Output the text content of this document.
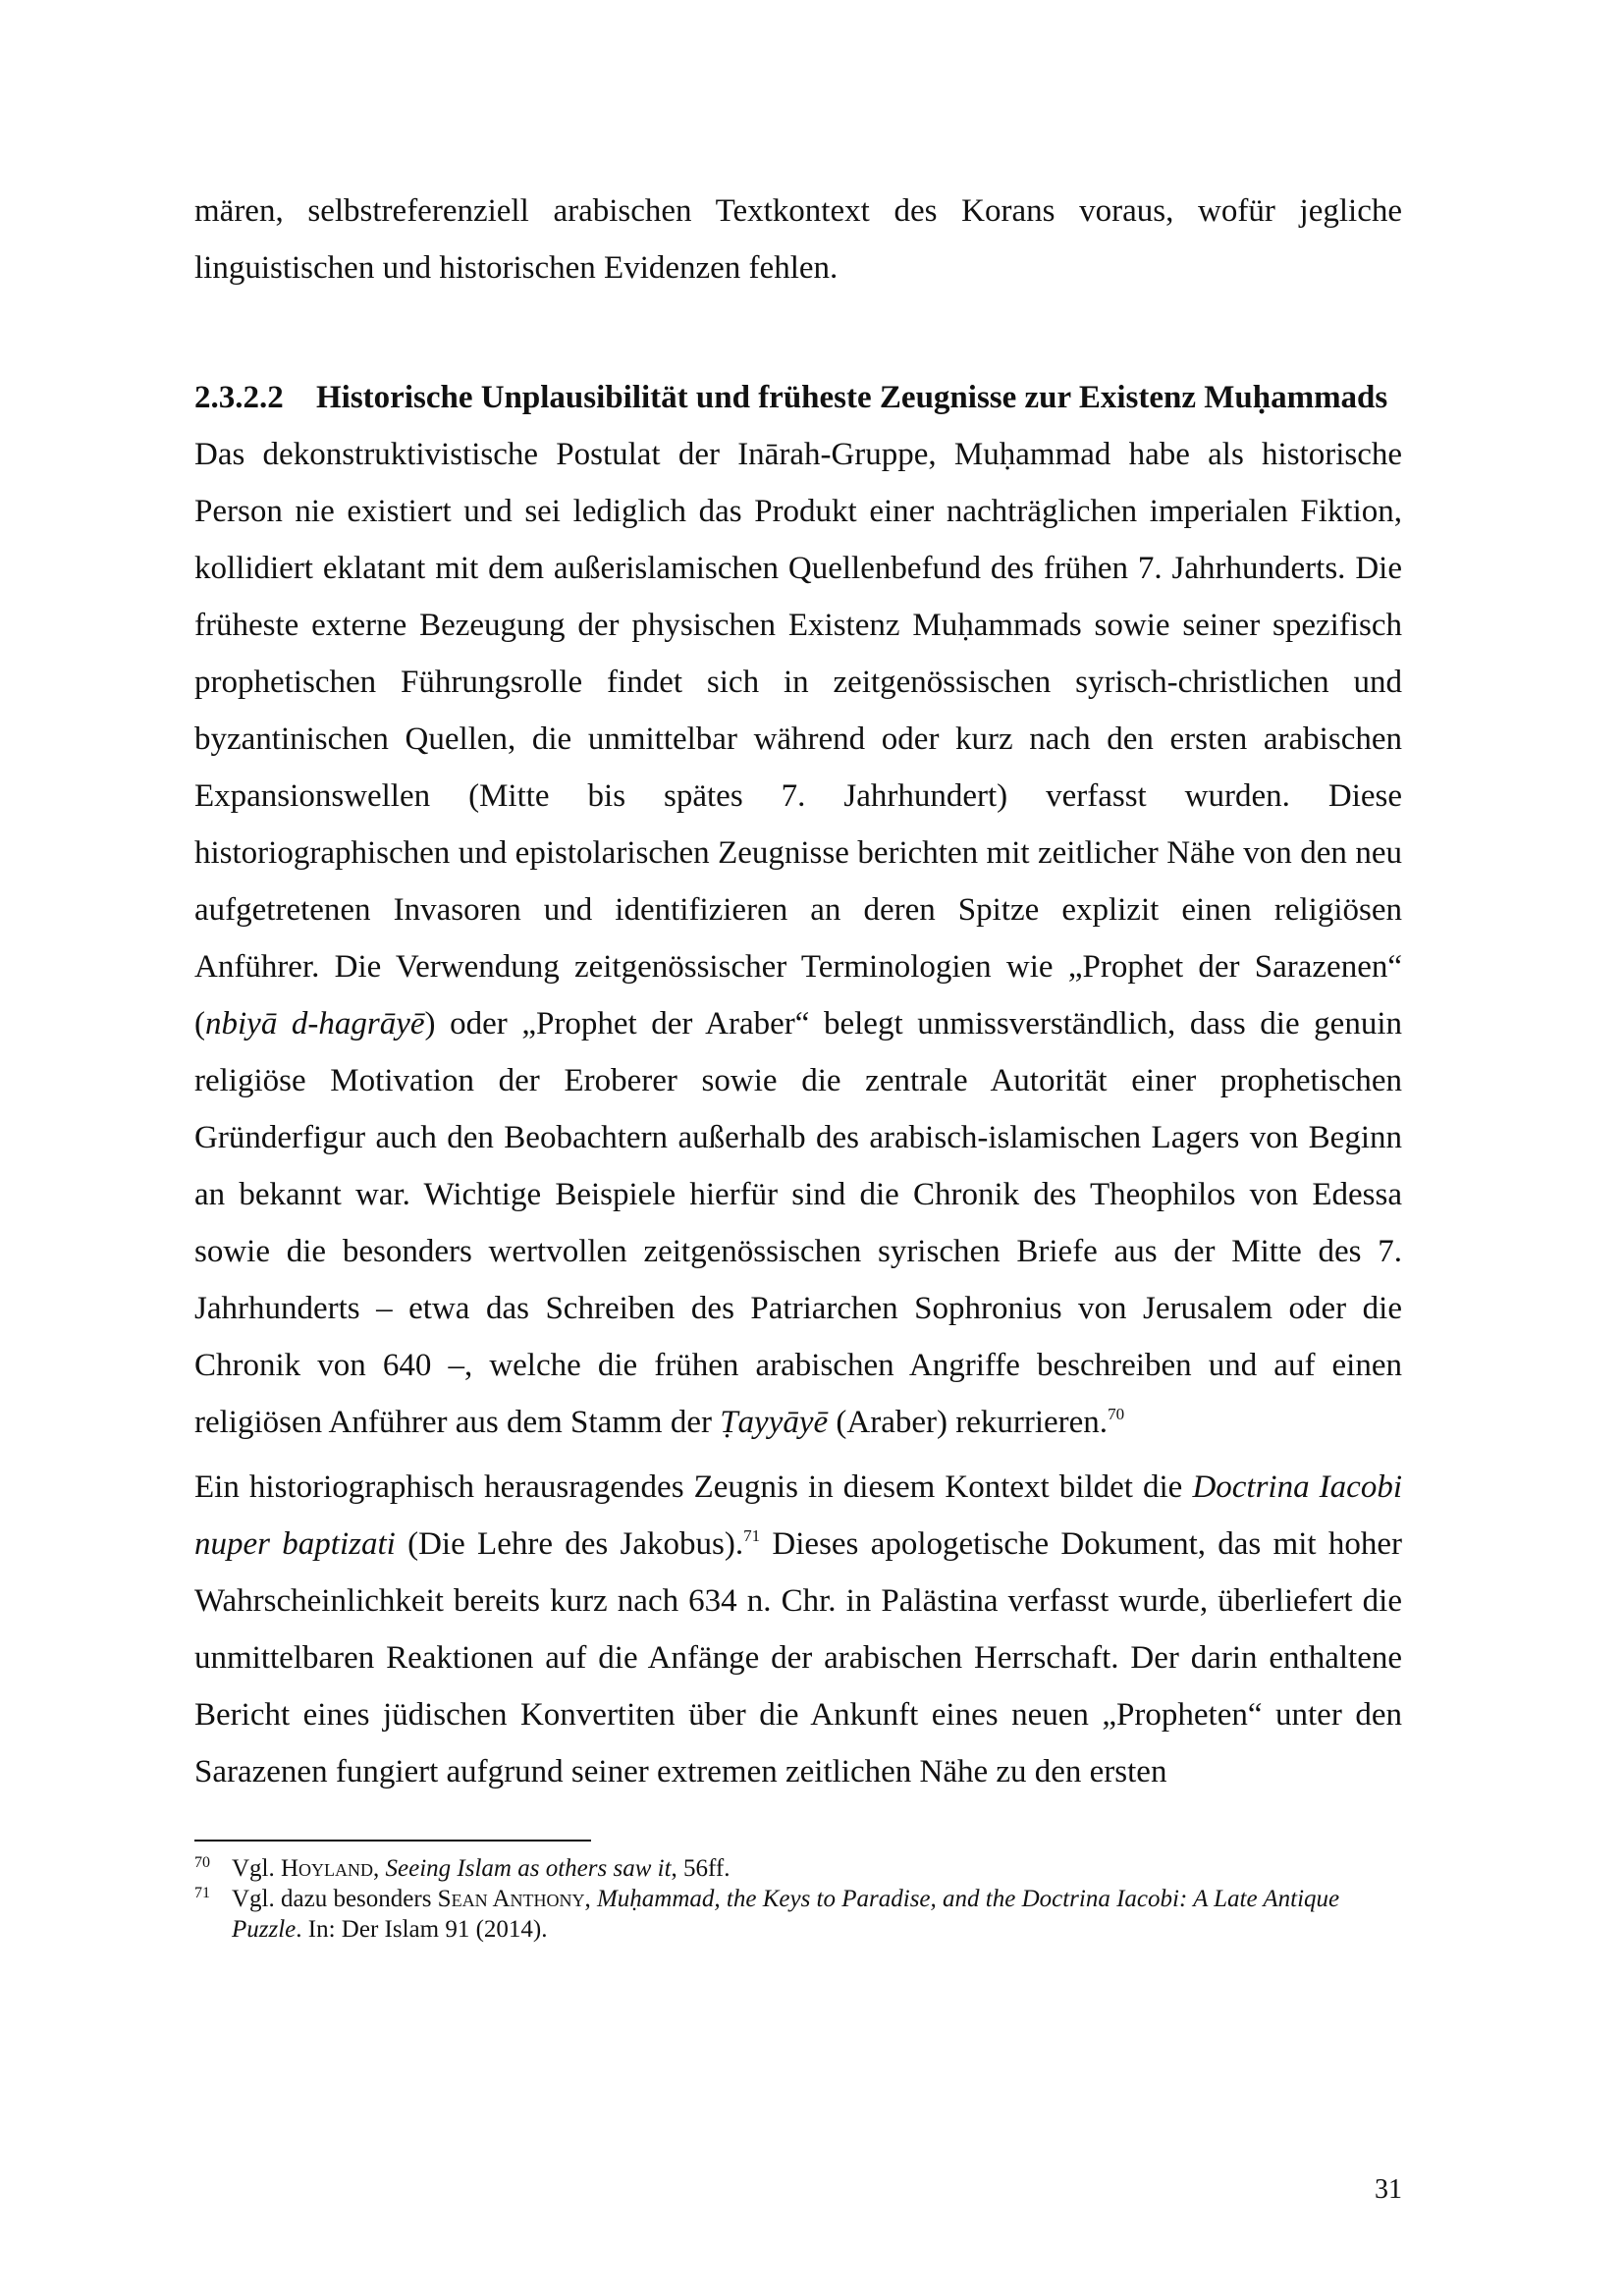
mären, selbstreferenziell arabischen Textkontext des Korans voraus, wofür jegliche linguistischen und historischen Evidenzen fehlen.

2.3.2.2	Historische Unplausibilität und früheste Zeugnisse zur Existenz Muḥammads

Das dekonstruktivistische Postulat der Inārah-Gruppe, Muḥammad habe als historische Person nie existiert und sei lediglich das Produkt einer nachträglichen imperialen Fiktion, kollidiert eklatant mit dem außerislamischen Quellenbefund des frühen 7. Jahrhunderts. Die früheste externe Bezeugung der physischen Existenz Muḥammads sowie seiner spezifisch prophetischen Führungsrolle findet sich in zeitgenössischen syrisch-christlichen und byzantinischen Quellen, die unmittelbar während oder kurz nach den ersten arabischen Expansionswellen (Mitte bis spätes 7. Jahrhundert) verfasst wurden. Diese historiographischen und epistolarischen Zeugnisse berichten mit zeitlicher Nähe von den neu aufgetretenen Invasoren und identifizieren an deren Spitze explizit einen religiösen Anführer. Die Verwendung zeitgenössischer Terminologien wie „Prophet der Sarazenen“ (nbiyā d-hagrāyē) oder „Prophet der Araber“ belegt unmissverständlich, dass die genuin religiöse Motivation der Eroberer sowie die zentrale Autorität einer prophetischen Gründerfigur auch den Beobachtern außerhalb des arabisch-islamischen Lagers von Beginn an bekannt war. Wichtige Beispiele hierfür sind die Chronik des Theophilos von Edessa sowie die besonders wertvollen zeitgenössischen syrischen Briefe aus der Mitte des 7. Jahrhunderts – etwa das Schreiben des Patriarchen Sophronius von Jerusalem oder die Chronik von 640 –, welche die frühen arabischen Angriffe beschreiben und auf einen religiösen Anführer aus dem Stamm der Ṭayyāyē (Araber) rekurrieren.$^{70}$

Ein historiographisch herausragendes Zeugnis in diesem Kontext bildet die Doctrina Iacobi nuper baptizati (Die Lehre des Jakobus).$^{71}$ Dieses apologetische Dokument, das mit hoher Wahrscheinlichkeit bereits kurz nach 634 n. Chr. in Palästina verfasst wurde, überliefert die unmittelbaren Reaktionen auf die Anfänge der arabischen Herrschaft. Der darin enthaltene Bericht eines jüdischen Konvertiten über die Ankunft eines neuen „Propheten“ unter den Sarazenen fungiert aufgrund seiner extremen zeitlichen Nähe zu den ersten

70 Vgl. Hoyland, Seeing Islam as others saw it, 56ff.
71 Vgl. dazu besonders Sean Anthony, Muḥammad, the Keys to Paradise, and the Doctrina Iacobi: A Late Antique Puzzle. In: Der Islam 91 (2014).
31
